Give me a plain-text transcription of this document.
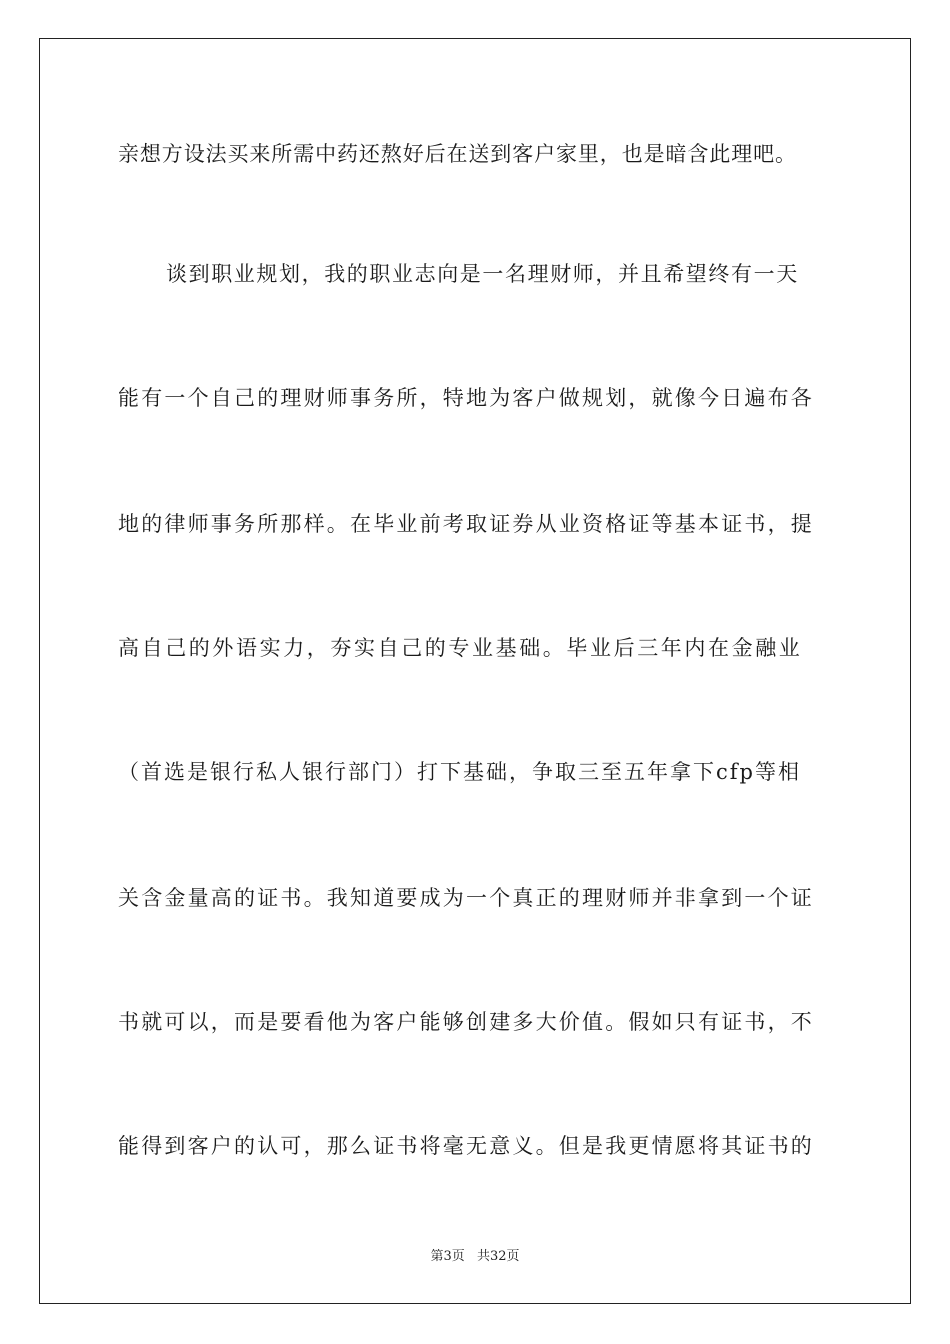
亲想方设法买来所需中药还熬好后在送到客户家里，也是暗含此理吧。
谈到职业规划，我的职业志向是一名理财师，并且希望终有一天
能有一个自己的理财师事务所，特地为客户做规划，就像今日遍布各
地的律师事务所那样。在毕业前考取证券从业资格证等基本证书，提
高自己的外语实力，夯实自己的专业基础。毕业后三年内在金融业
（首选是银行私人银行部门）打下基础，争取三至五年拿下cfp等相
关含金量高的证书。我知道要成为一个真正的理财师并非拿到一个证
书就可以，而是要看他为客户能够创建多大价值。假如只有证书，不
能得到客户的认可，那么证书将毫无意义。但是我更情愿将其证书的
第3页 共32页
